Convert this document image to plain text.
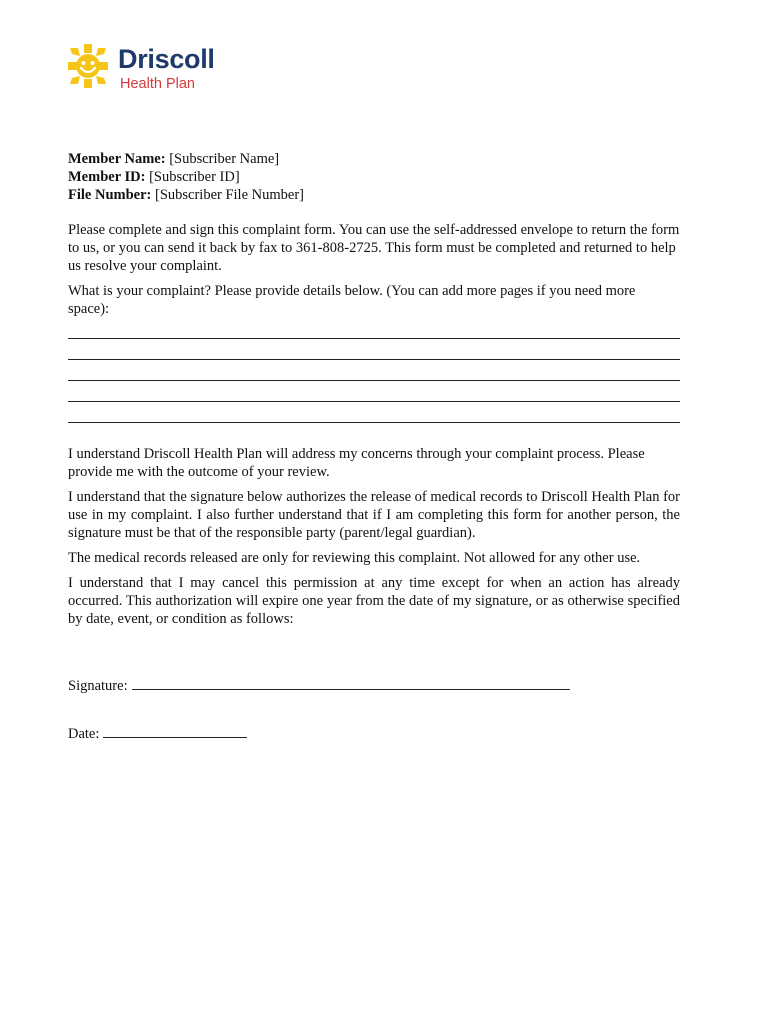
Driscoll
Health Plan
Member Name: [Subscriber Name]
Member ID: [Subscriber ID]
File Number: [Subscriber File Number]

Please complete and sign this complaint form. You can use the self-addressed envelope to return the form to us, or you can send it back by fax to 361-808-2725. This form must be completed and returned to help us resolve your complaint.

What is your complaint? Please provide details below. (You can add more pages if you need more space):

I understand Driscoll Health Plan will address my concerns through your complaint process. Please provide me with the outcome of your review.

I understand that the signature below authorizes the release of medical records to Driscoll Health Plan for use in my complaint. I also further understand that if I am completing this form for another person, the signature must be that of the responsible party (parent/legal guardian).

The medical records released are only for reviewing this complaint. Not allowed for any other use.

I understand that I may cancel this permission at any time except for when an action has already occurred. This authorization will expire one year from the date of my signature, or as otherwise specified by date, event, or condition as follows:

Signature:
Date:
